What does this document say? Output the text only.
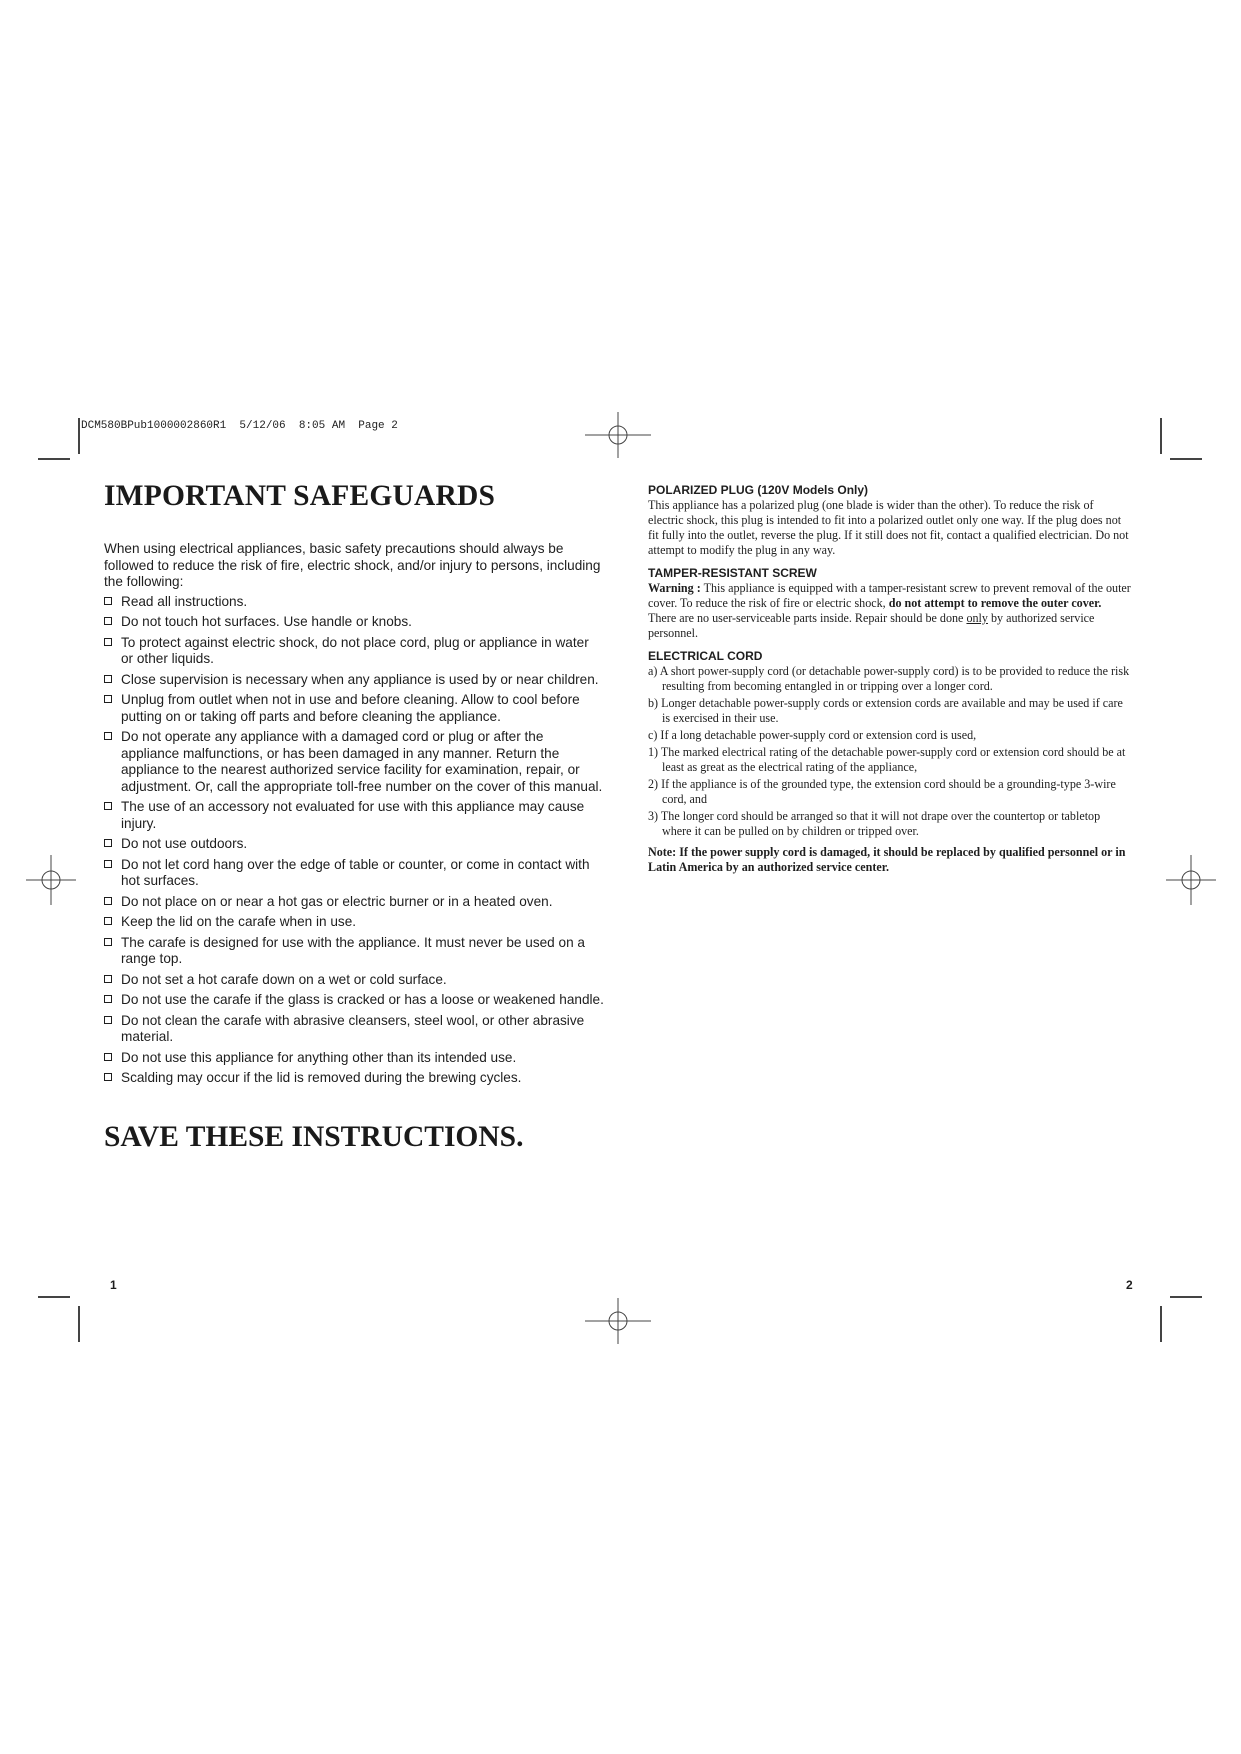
DCM580BPub1000002860R1  5/12/06  8:05 AM  Page 2
IMPORTANT SAFEGUARDS

When using electrical appliances, basic safety precautions should always be followed to reduce the risk of fire, electric shock, and/or injury to persons, including the following:

Read all instructions.
Do not touch hot surfaces. Use handle or knobs.
To protect against electric shock, do not place cord, plug or appliance in water or other liquids.
Close supervision is necessary when any appliance is used by or near children.
Unplug from outlet when not in use and before cleaning. Allow to cool before putting on or taking off parts and before cleaning the appliance.
Do not operate any appliance with a damaged cord or plug or after the appliance malfunctions, or has been damaged in any manner. Return the appliance to the nearest authorized service facility for examination, repair, or adjustment. Or, call the appropriate toll-free number on the cover of this manual.
The use of an accessory not evaluated for use with this appliance may cause injury.
Do not use outdoors.
Do not let cord hang over the edge of table or counter, or come in contact with hot surfaces.
Do not place on or near a hot gas or electric burner or in a heated oven.
Keep the lid on the carafe when in use.
The carafe is designed for use with the appliance. It must never be used on a range top.
Do not set a hot carafe down on a wet or cold surface.
Do not use the carafe if the glass is cracked or has a loose or weakened handle.
Do not clean the carafe with abrasive cleansers, steel wool, or other abrasive material.
Do not use this appliance for anything other than its intended use.
Scalding may occur if the lid is removed during the brewing cycles.
SAVE THESE INSTRUCTIONS.
1
POLARIZED PLUG (120V Models Only)

This appliance has a polarized plug (one blade is wider than the other). To reduce the risk of electric shock, this plug is intended to fit into a polarized outlet only one way. If the plug does not fit fully into the outlet, reverse the plug. If it still does not fit, contact a qualified electrician. Do not attempt to modify the plug in any way.

TAMPER-RESISTANT SCREW

Warning : This appliance is equipped with a tamper-resistant screw to prevent removal of the outer cover. To reduce the risk of fire or electric shock, do not attempt to remove the outer cover. There are no user-serviceable parts inside. Repair should be done only by authorized service personnel.

ELECTRICAL CORD
a) A short power-supply cord (or detachable power-supply cord) is to be provided to reduce the risk resulting from becoming entangled in or tripping over a longer cord.
b) Longer detachable power-supply cords or extension cords are available and may be used if care is exercised in their use.
c) If a long detachable power-supply cord or extension cord is used,
1) The marked electrical rating of the detachable power-supply cord or extension cord should be at least as great as the electrical rating of the appliance,
2) If the appliance is of the grounded type, the extension cord should be a grounding-type 3-wire cord, and
3) The longer cord should be arranged so that it will not drape over the countertop or tabletop where it can be pulled on by children or tripped over.

Note: If the power supply cord is damaged, it should be replaced by qualified personnel or in Latin America by an authorized service center.

2
